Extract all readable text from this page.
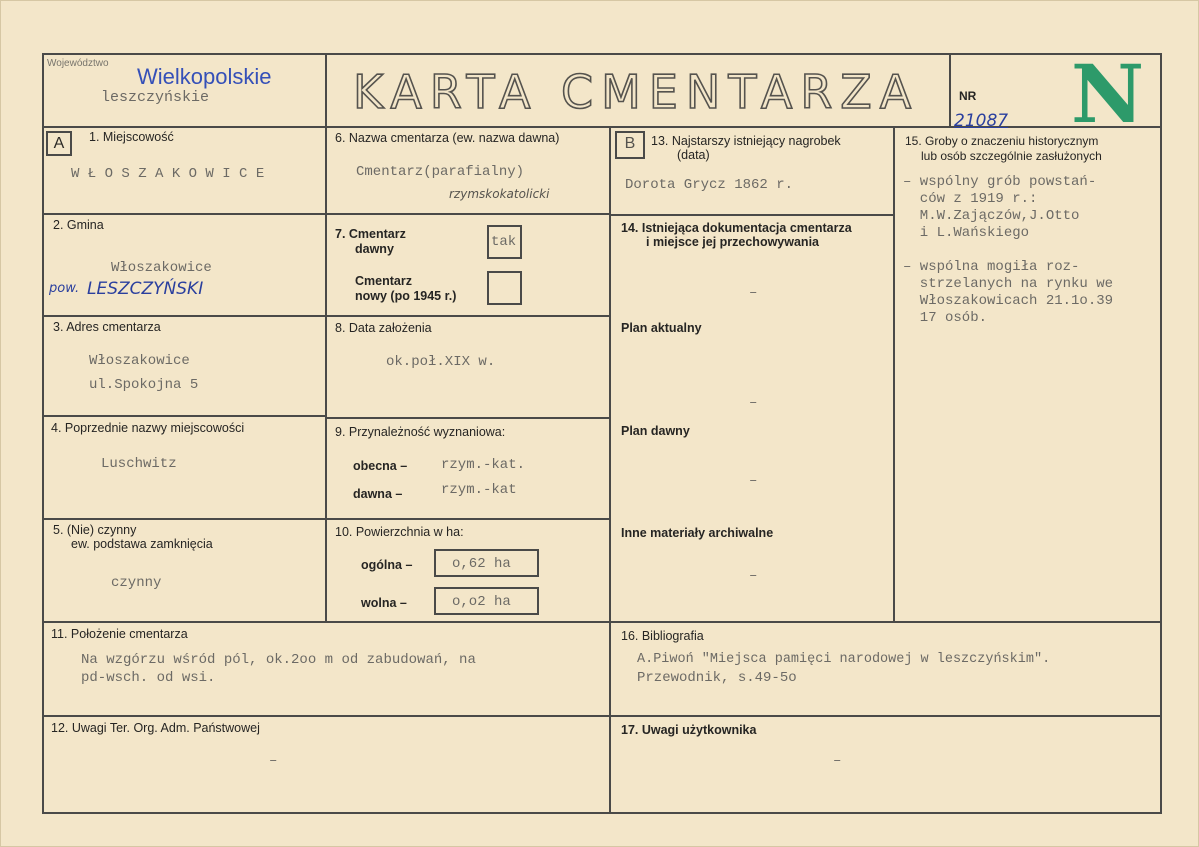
Województwo
Wielkopolskie
leszczyńskie	KARTA CMENTARZA	NR
21087 N
A	B
1. Miejscowość
W Ł O S Z A K O W I C E
2. Gmina
Włoszakowice
pow. LESZCZYŃSKI
3. Adres cmentarza
Włoszakowice
ul.Spokojna 5
4. Poprzednie nazwy miejscowości
Luschwitz
5. (Nie) czynny
ew. podstawa zamknięcia
czynny
6. Nazwa cmentarza (ew. nazwa dawna)
Cmentarz(parafialny)
rzymskokatolicki
7. Cmentarz
dawny	tak
Cmentarz
nowy (po 1945 r.)
8. Data założenia
ok.poł.XIX w.
9. Przynależność wyznaniowa:
obecna – rzym.-kat.
dawna –	rzym.-kat
10. Powierzchnia w ha:
ogólna –	o,62 ha
wolna –	o,o2 ha
13. Najstarszy istniejący nagrobek
(data)
Dorota Grycz 1862 r.
14. Istniejąca dokumentacja cmentarza
i miejsce jej przechowywania
–
Plan aktualny
–
Plan dawny
–
Inne materiały archiwalne
–
15. Groby o znaczeniu historycznym
lub osób szczególnie zasłużonych
– wspólny grób powstań-
ców z 1919 r.:
M.W.Zajączów,J.Otto
i L.Wańskiego
– wspólna mogiła roz-
strzelanych na rynku we
Włoszakowicach 21.1o.39
17 osób.
11. Położenie cmentarza
Na wzgórzu wśród pól, ok.2oo m od zabudowań, na
pd-wsch. od wsi.
16. Bibliografia
A.Piwoń "Miejsca pamięci narodowej w leszczyńskim".
Przewodnik, s.49-5o
12. Uwagi Ter. Org. Adm. Państwowej
–
17. Uwagi użytkownika
–
